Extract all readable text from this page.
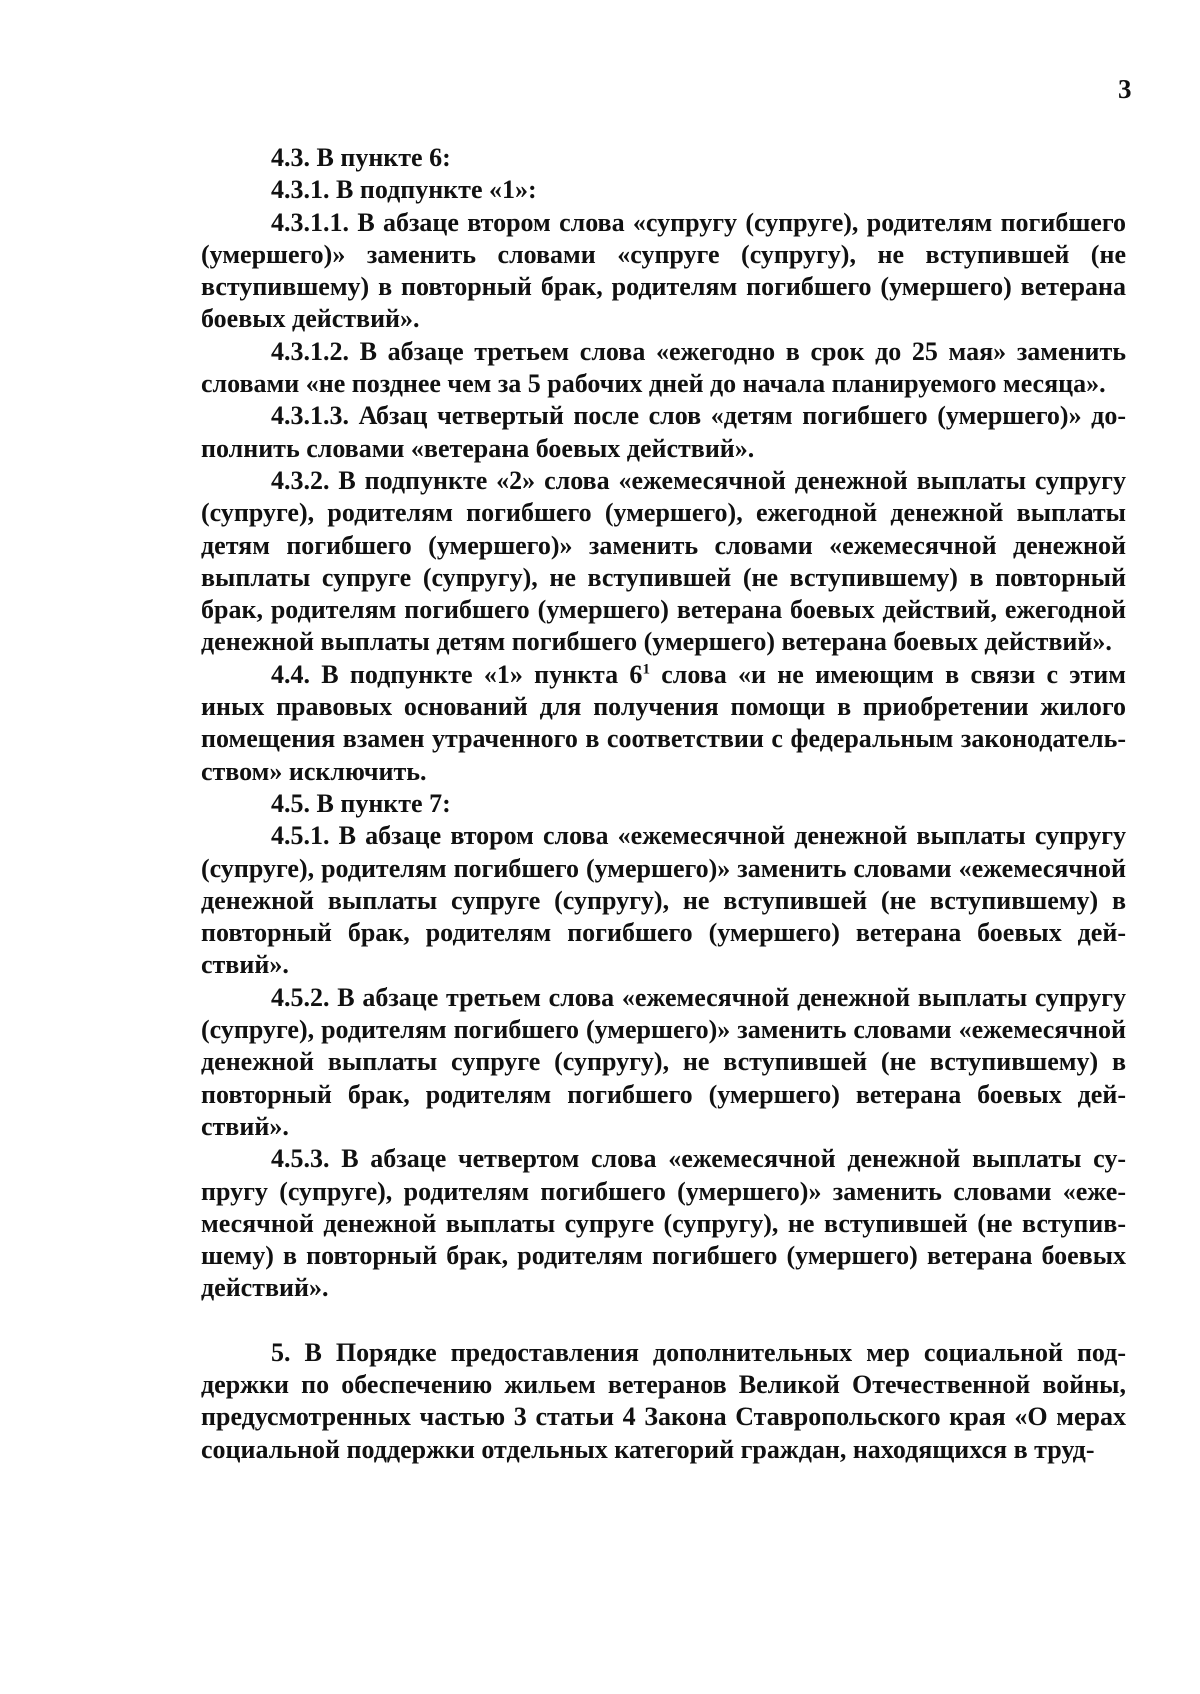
3

4.3. В пункте 6:

4.3.1. В подпункте «1»:

4.3.1.1. В абзаце втором слова «супругу (супруге), родителям погибшего (умершего)» заменить словами «супруге (супругу), не вступившей (не вступившему) в повторный брак, родителям погибшего (умершего) ветерана боевых действий».

4.3.1.2. В абзаце третьем слова «ежегодно в срок до 25 мая» заменить словами «не позднее чем за 5 рабочих дней до начала планируемого месяца».

4.3.1.3. Абзац четвертый после слов «детям погибшего (умершего)» дополнить словами «ветерана боевых действий».

4.3.2. В подпункте «2» слова «ежемесячной денежной выплаты супругу (супруге), родителям погибшего (умершего), ежегодной денежной выплаты детям погибшего (умершего)» заменить словами «ежемесячной денежной выплаты супруге (супругу), не вступившей (не вступившему) в повторный брак, родителям погибшего (умершего) ветерана боевых действий, ежегодной денежной выплаты детям погибшего (умершего) ветерана боевых действий».

4.4. В подпункте «1» пункта $6^1$ слова «и не имеющим в связи с этим иных правовых оснований для получения помощи в приобретении жилого помещения взамен утраченного в соответствии с федеральным законодательством» исключить.

4.5. В пункте 7:

4.5.1. В абзаце втором слова «ежемесячной денежной выплаты супругу (супруге), родителям погибшего (умершего)» заменить словами «ежемесячной денежной выплаты супруге (супругу), не вступившей (не вступившему) в повторный брак, родителям погибшего (умершего) ветерана боевых действий».

4.5.2. В абзаце третьем слова «ежемесячной денежной выплаты супругу (супруге), родителям погибшего (умершего)» заменить словами «ежемесячной денежной выплаты супруге (супругу), не вступившей (не вступившему) в повторный брак, родителям погибшего (умершего) ветерана боевых действий».

4.5.3. В абзаце четвертом слова «ежемесячной денежной выплаты супругу (супруге), родителям погибшего (умершего)» заменить словами «ежемесячной денежной выплаты супруге (супругу), не вступившей (не вступившему) в повторный брак, родителям погибшего (умершего) ветерана боевых действий».

5. В Порядке предоставления дополнительных мер социальной поддержки по обеспечению жильем ветеранов Великой Отечественной войны, предусмотренных частью 3 статьи 4 Закона Ставропольского края «О мерах социальной поддержки отдельных категорий граждан, находящихся в труд-
